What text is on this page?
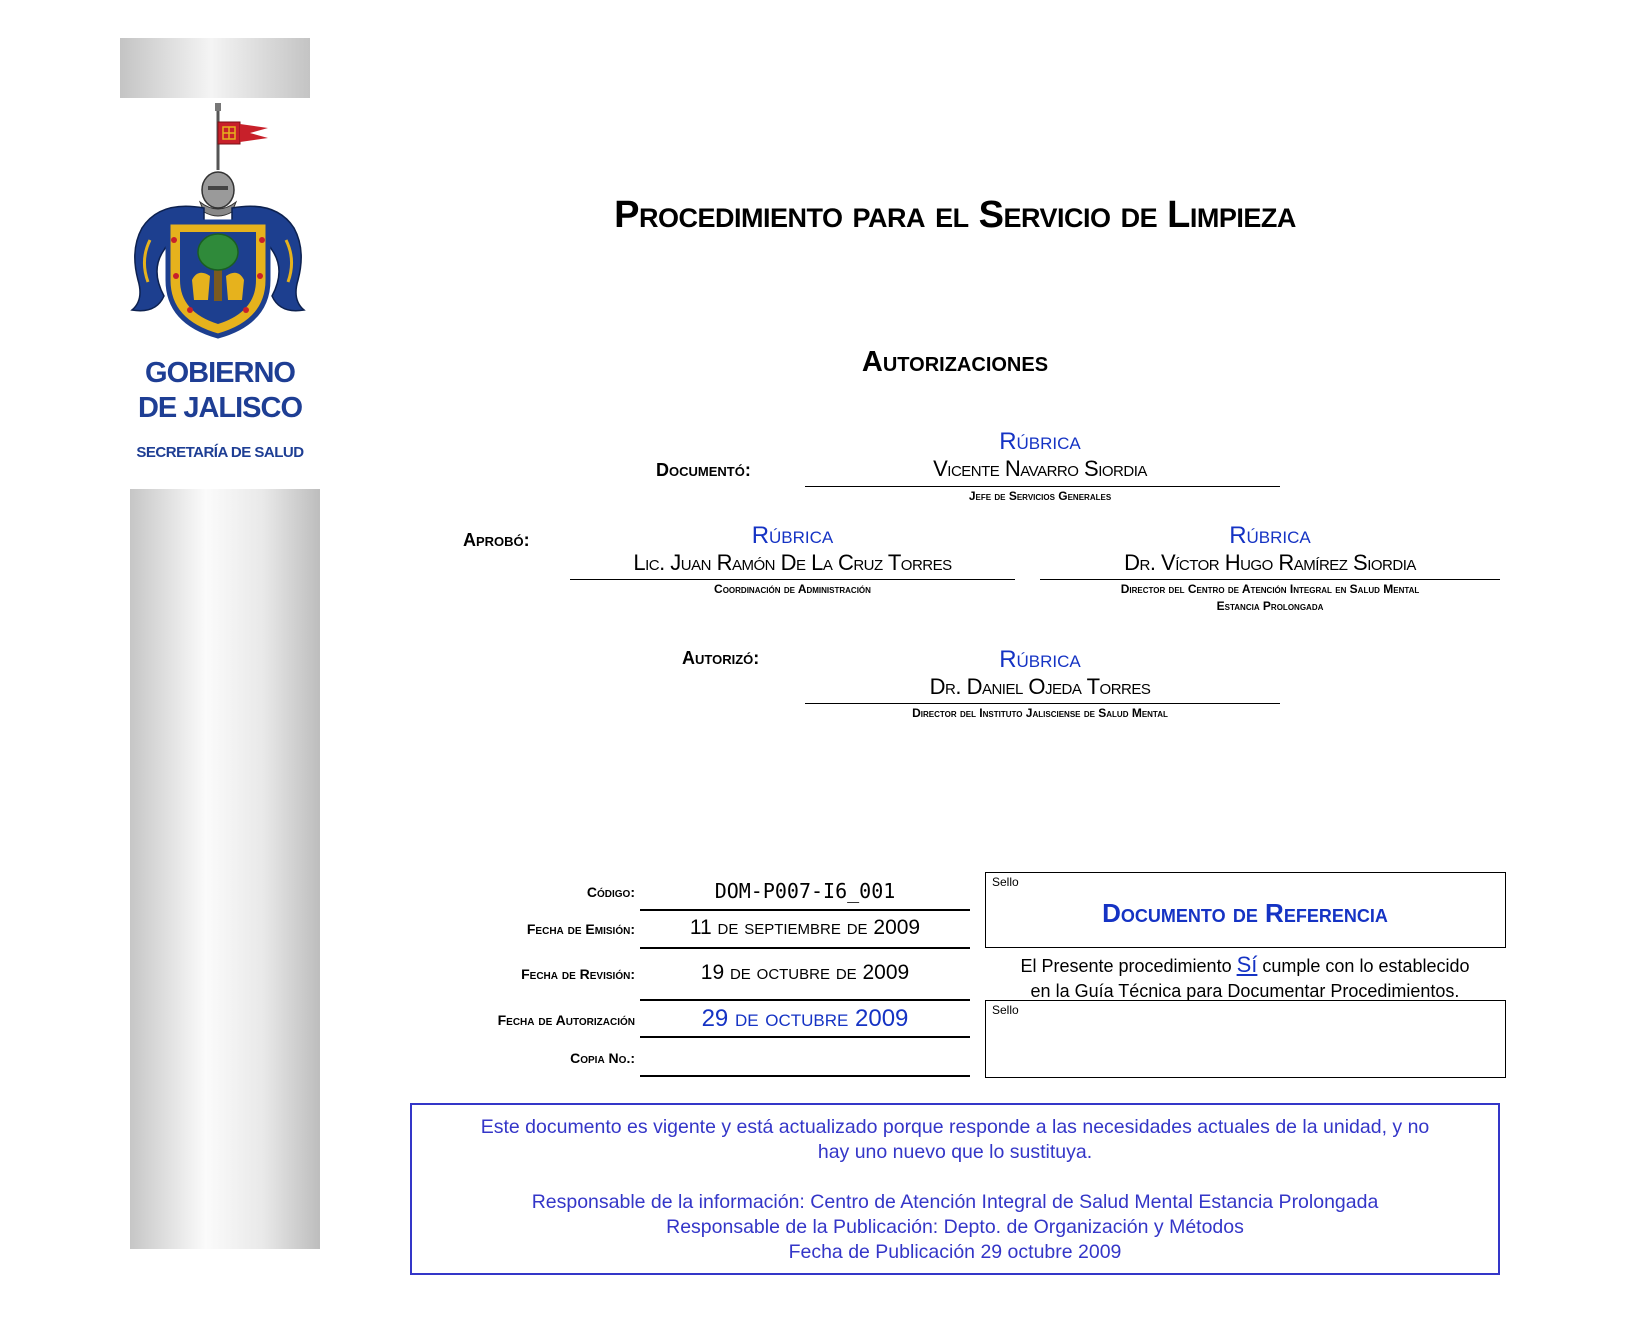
GOBIERNO
DE JALISCO
SECRETARÍA DE SALUD
Procedimiento para el Servicio de Limpieza
Autorizaciones
Documentó:
Rúbrica
Vicente Navarro Siordia
Jefe de Servicios Generales
Aprobó:	Rúbrica
Lic. Juan Ramón De La Cruz Torres
Coordinación de Administración
Rúbrica
Dr. Víctor Hugo Ramírez Siordia
Director del Centro de Atención Integral en Salud Mental
Estancia Prolongada
Autorizó:	Rúbrica
Dr. Daniel Ojeda Torres
Director del Instituto Jalisciense de Salud Mental
Código:	DOM-P007-I6_001
Fecha de Emisión:	11 de septiembre de 2009
Fecha de Revisión:	19 de octubre de 2009
Fecha de Autorización	29 de octubre 2009
Copia No.:
Sello
Documento de Referencia
El Presente procedimiento Sí cumple con lo establecido
en la Guía Técnica para Documentar Procedimientos.
Sello
Este documento es vigente y está actualizado porque responde a las necesidades actuales de la unidad, y no
hay uno nuevo que lo sustituya.
Responsable de la información: Centro de Atención Integral de Salud Mental Estancia Prolongada
Responsable de la Publicación: Depto. de Organización y Métodos
Fecha de Publicación 29 octubre 2009
